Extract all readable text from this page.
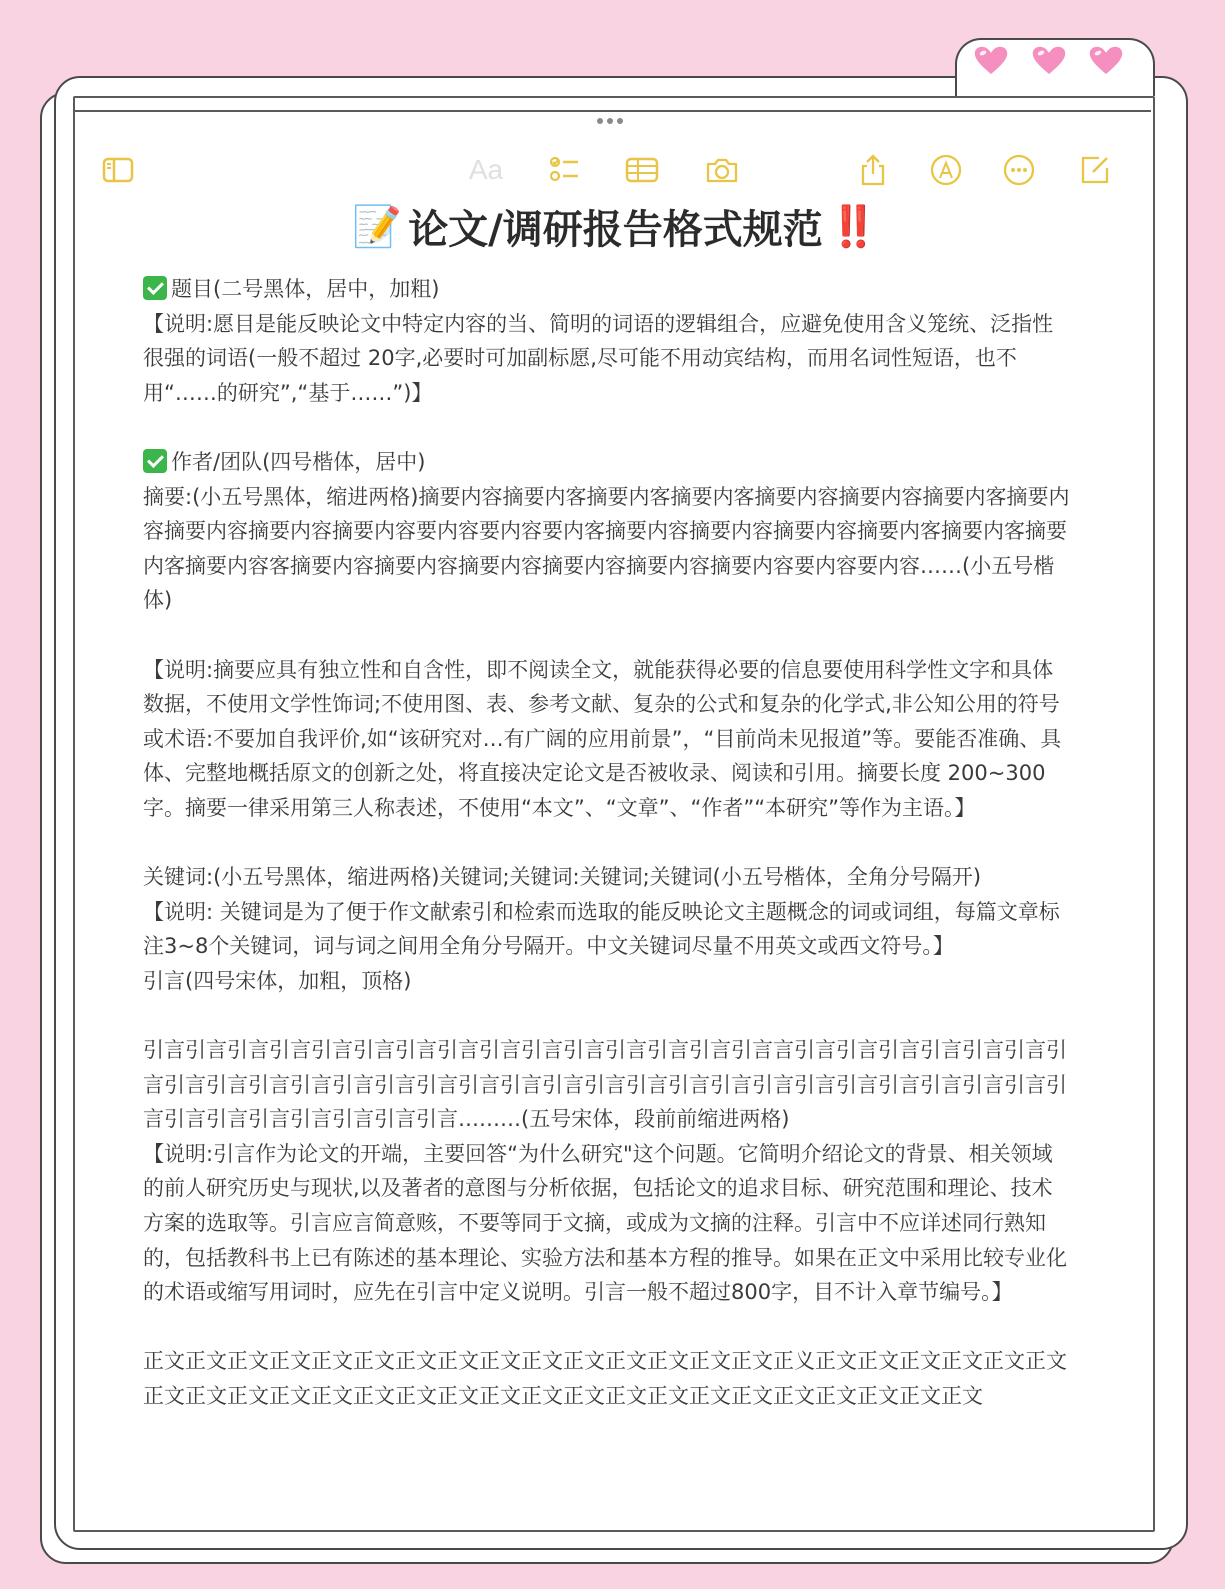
Aa
📝 论文/调研报告格式规范 ‼️

题目(二号黑体，居中，加粗)

【说明:愿目是能反映论文中特定内容的当、简明的词语的逻辑组合，应避免使用含义笼统、泛指性很强的词语(一般不超过 20字,必要时可加副标愿,尽可能不用动宾结构，而用名词性短语，也不用“……的研究”,“基于……”)】

作者/团队(四号楷体，居中)

摘要:(小五号黑体，缩进两格)摘要内容摘要内客摘要内客摘要内客摘要内容摘要内容摘要内客摘要内容摘要内容摘要内容摘要内容要内容要内容要内客摘要内容摘要内容摘要内容摘要内客摘要内客摘要内客摘要内容客摘要内容摘要内容摘要内容摘要内容摘要内容摘要内容要内容要内容……(小五号楷体)

【说明:摘要应具有独立性和自含性，即不阅读全文，就能获得必要的信息要使用科学性文字和具体数据，不使用文学性饰词;不使用图、表、参考文献、复杂的公式和复杂的化学式,非公知公用的符号或术语:不要加自我评价,如“该研究对…有广阔的应用前景”，“目前尚未见报道”等。要能否准确、具体、完整地概括原文的创新之处，将直接决定论文是否被收录、阅读和引用。摘要长度 200~300字。摘要一律采用第三人称表述，不使用“本文”、“文章”、“作者”“本研究”等作为主语。】

关键词:(小五号黑体，缩进两格)关键词;关键词:关键词;关键词(小五号楷体，全角分号隔开)

【说明: 关键词是为了便于作文献索引和检索而选取的能反映论文主题概念的词或词组，每篇文章标注3~8个关键词，词与词之间用全角分号隔开。中文关键词尽量不用英文或西文符号。】

引言(四号宋体，加粗，顶格)

引言引言引言引言引言引言引言引言引言引言引言引言引言引言引言言引言引言引言引言引言引言引言引言引言引言引言引言引言引言引言引言引言引言引言引言引言引言引言引言引言引言引言引言引言引言引言引言引言引言引言引言………(五号宋体，段前前缩进两格)

【说明:引言作为论文的开端，主要回答“为什么研究"这个问题。它简明介绍论文的背景、相关领域的前人研究历史与现状,以及著者的意图与分析依据，包括论文的追求目标、研究范围和理论、技术方案的选取等。引言应言简意赅，不要等同于文摘，或成为文摘的注释。引言中不应详述同行熟知的，包括教科书上已有陈述的基本理论、实验方法和基本方程的推导。如果在正文中采用比较专业化的术语或缩写用词时，应先在引言中定义说明。引言一般不超过800字，目不计入章节编号。】

正文正文正文正文正文正文正文正文正文正文正文正文正文正文正文正义正文正文正文正文正文正文正文正文正文正文正文正文正文正文正文正文正文正文正文正文正文正文正文正文正文正文
